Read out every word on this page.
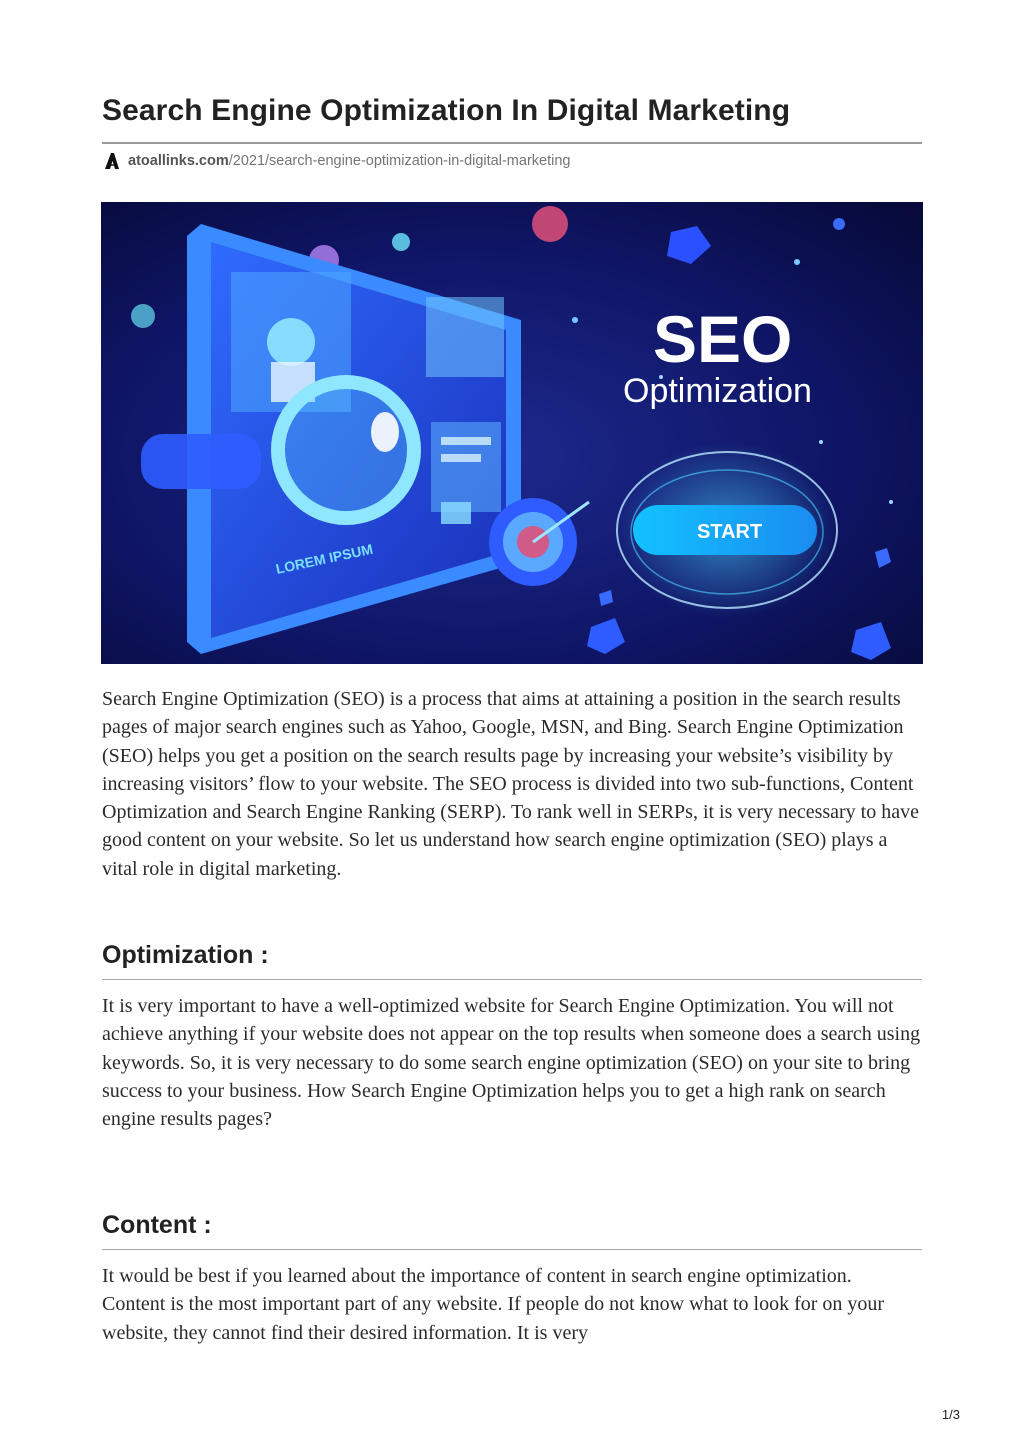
Search Engine Optimization In Digital Marketing
atoallinks.com /2021/search-engine-optimization-in-digital-marketing
LOREM IPSUM
SEO
Optimization
START

Search Engine Optimization (SEO) is a process that aims at attaining a position in the search results pages of major search engines such as Yahoo, Google, MSN, and Bing. Search Engine Optimization (SEO) helps you get a position on the search results page by increasing your website’s visibility by increasing visitors’ flow to your website. The SEO process is divided into two sub-functions, Content Optimization and Search Engine Ranking (SERP). To rank well in SERPs, it is very necessary to have good content on your website. So let us understand how search engine optimization (SEO) plays a vital role in digital marketing.

Optimization :

It is very important to have a well-optimized website for Search Engine Optimization. You will not achieve anything if your website does not appear on the top results when someone does a search using keywords. So, it is very necessary to do some search engine optimization (SEO) on your site to bring success to your business. How Search Engine Optimization helps you to get a high rank on search engine results pages?

Content :

It would be best if you learned about the importance of content in search engine optimization. Content is the most important part of any website. If people do not know what to look for on your website, they cannot find their desired information. It is very

1/3
